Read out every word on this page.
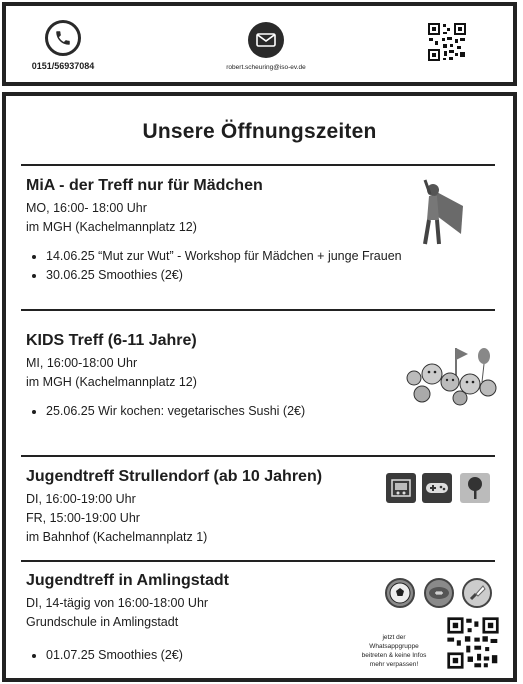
0151/56937084	robert.scheuring@iso-ev.de
Unsere Öffnungszeiten
MiA - der Treff nur für Mädchen
MO, 16:00- 18:00 Uhr
im MGH (Kachelmannplatz 12)
• 14.06.25 “Mut zur Wut” - Workshop für Mädchen + junge Frauen
• 30.06.25 Smoothies (2€)
KIDS Treff (6-11 Jahre)
MI, 16:00-18:00 Uhr
im MGH (Kachelmannplatz 12)
• 25.06.25 Wir kochen: vegetarisches Sushi (2€)
Jugendtreff Strullendorf (ab 10 Jahren)
DI, 16:00-19:00 Uhr
FR, 15:00-19:00 Uhr
im Bahnhof (Kachelmannplatz 1)
Jugendtreff in Amlingstadt
DI, 14-tägig von 16:00-18:00 Uhr
Grundschule in Amlingstadt
• 01.07.25 Smoothies (2€)
jetzt der
Whatsappgruppe
beitreten & keine Infos
mehr verpassen!
